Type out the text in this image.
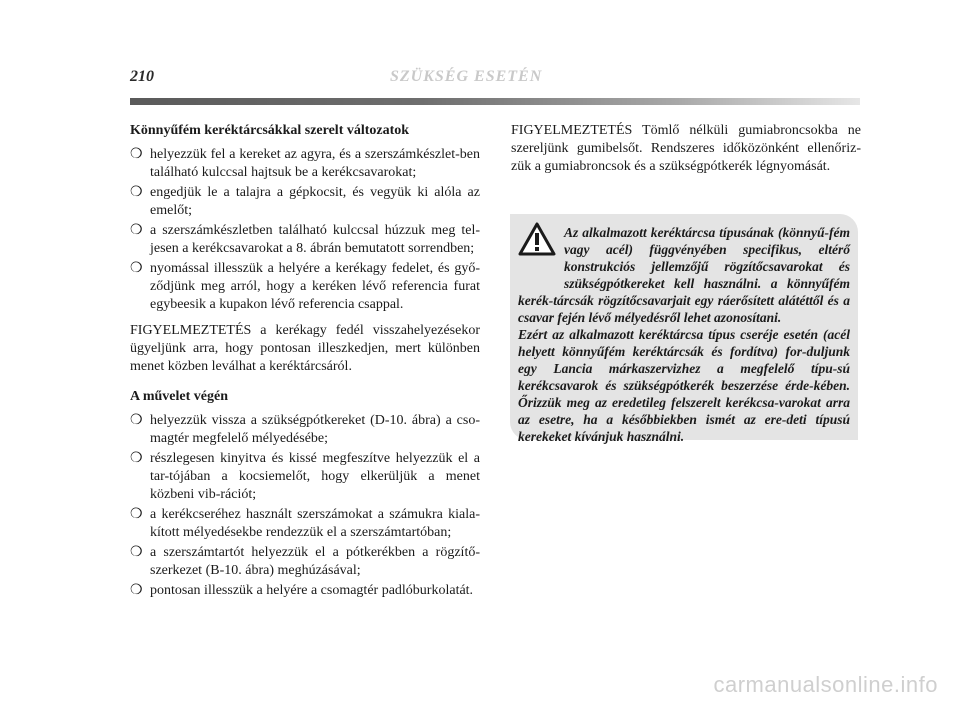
210	SZÜKSÉG ESETÉN
Könnyűfém keréktárcsákkal szerelt változatok
❍ helyezzük fel a kereket az agyra, és a szerszámkészlet-ben található kulccsal hajtsuk be a kerékcsavarokat;
❍ engedjük le a talajra a gépkocsit, és vegyük ki alóla az emelőt;
❍ a szerszámkészletben található kulccsal húzzuk meg tel-jesen a kerékcsavarokat a 8. ábrán bemutatott sorrendben;
❍ nyomással illesszük a helyére a kerékagy fedelet, és győ-ződjünk meg arról, hogy a keréken lévő referencia furat egybeesik a kupakon lévő referencia csappal.
FIGYELMEZTETÉS a kerékagy fedél visszahelyezésekor ügyeljünk arra, hogy pontosan illeszkedjen, mert különben menet közben leválhat a keréktárcsáról.
A művelet végén
❍ helyezzük vissza a szükségpótkereket (D-10. ábra) a cso-magtér megfelelő mélyedésébe;
❍ részlegesen kinyitva és kissé megfeszítve helyezzük el a tar-tójában a kocsiemelőt, hogy elkerüljük a menet közbeni vib-rációt;
❍ a kerékcseréhez használt szerszámokat a számukra kiala-kított mélyedésekbe rendezzük el a szerszámtartóban;
❍ a szerszámtartót helyezzük el a pótkerékben a rögzítő-szerkezet (B-10. ábra) meghúzásával;
❍ pontosan illesszük a helyére a csomagtér padlóburkolatát.
FIGYELMEZTETÉS Tömlő nélküli gumiabroncsokba ne szereljünk gumibelsőt. Rendszeres időközönként ellenőriz-zük a gumiabroncsok és a szükségpótkerék légnyomását.
Az alkalmazott keréktárcsa típusának (könnyű-fém vagy acél) függvényében specifikus, eltérő konstrukciós jellemzőjű rögzítőcsavarokat és szükségpótkereket kell használni. a könnyűfém kerék-tárcsák rögzítőcsavarjait egy ráerősített alátéttől és a csavar fején lévő mélyedésről lehet azonosítani.
Ezért az alkalmazott keréktárcsa típus cseréje esetén (acél helyett könnyűfém keréktárcsák és fordítva) for-duljunk egy Lancia márkaszervizhez a megfelelő típu-sú kerékcsavarok és szükségpótkerék beszerzése érde-kében. Őrizzük meg az eredetileg felszerelt kerékcsa-varokat arra az esetre, ha a későbbiekben ismét az ere-deti típusú kerekeket kívánjuk használni.
carmanualsonline.info
